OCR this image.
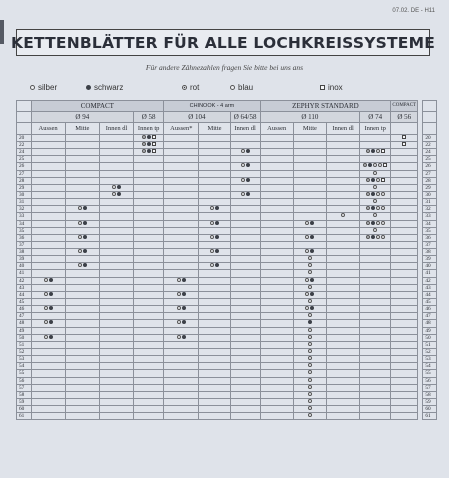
07.02. DE - H11
KETTENBLÄTTER FÜR ALLE LOCHKREISSYSTEME
Für andere Zähnezahlen fragen Sie bitte bei uns ans
silber	schwarz	rot	blau	inox
	COMPACT				CHINOOK - 4 arm			ZEPHYR STANDARD				COMPACT		
	Ø 94			Ø 58	Ø 104		Ø 64/58	Ø 110			Ø 74	Ø 56		
	Aussen	Mitte	Innen dl	Innen tp	Aussen*	Mitte	Innen dl	Aussen	Mitte	Innen dl	Innen tp			
20														20
22														22
24														24
25														25
26														26
27														27
28														28
29														29
30														30
31														31
32														32
33														33
34														34
35														35
36														36
37														37
38														38
39														39
40														40
41														41
42														42
43														43
44														44
45														45
46														46
47														47
48														48
49														49
50														50
51														51
52														52
53														53
54														54
55														55
56														56
57														57
58														58
59														59
60														60
61														61
